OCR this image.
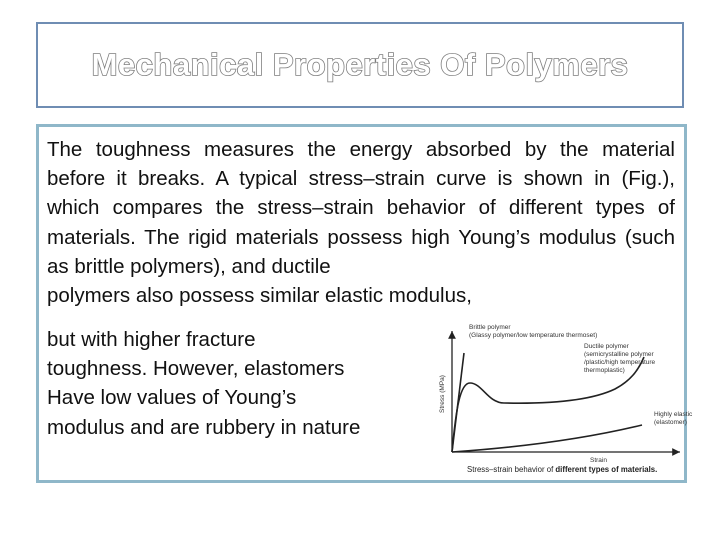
Mechanical Properties Of Polymers

The toughness measures the energy absorbed by the material before it breaks. A typical stress–strain curve is shown in (Fig.), which compares the stress–strain behavior of different types of materials. The rigid materials possess high Young’s modulus (such as brittle polymers), and ductile

polymers also possess similar elastic modulus,

but with higher fracture
toughness. However, elastomers
Have low values of Young’s
modulus and are rubbery in nature
Brittle polymer
(Glassy polymer/low temperature thermoset)
Ductile polymer
(semicrystalline polymer
/plastic/high temperature
thermoplastic)
Highly elastic
(elastomer)
Strain
Stress (MPa)
Stress–strain behavior of different types of materials.
